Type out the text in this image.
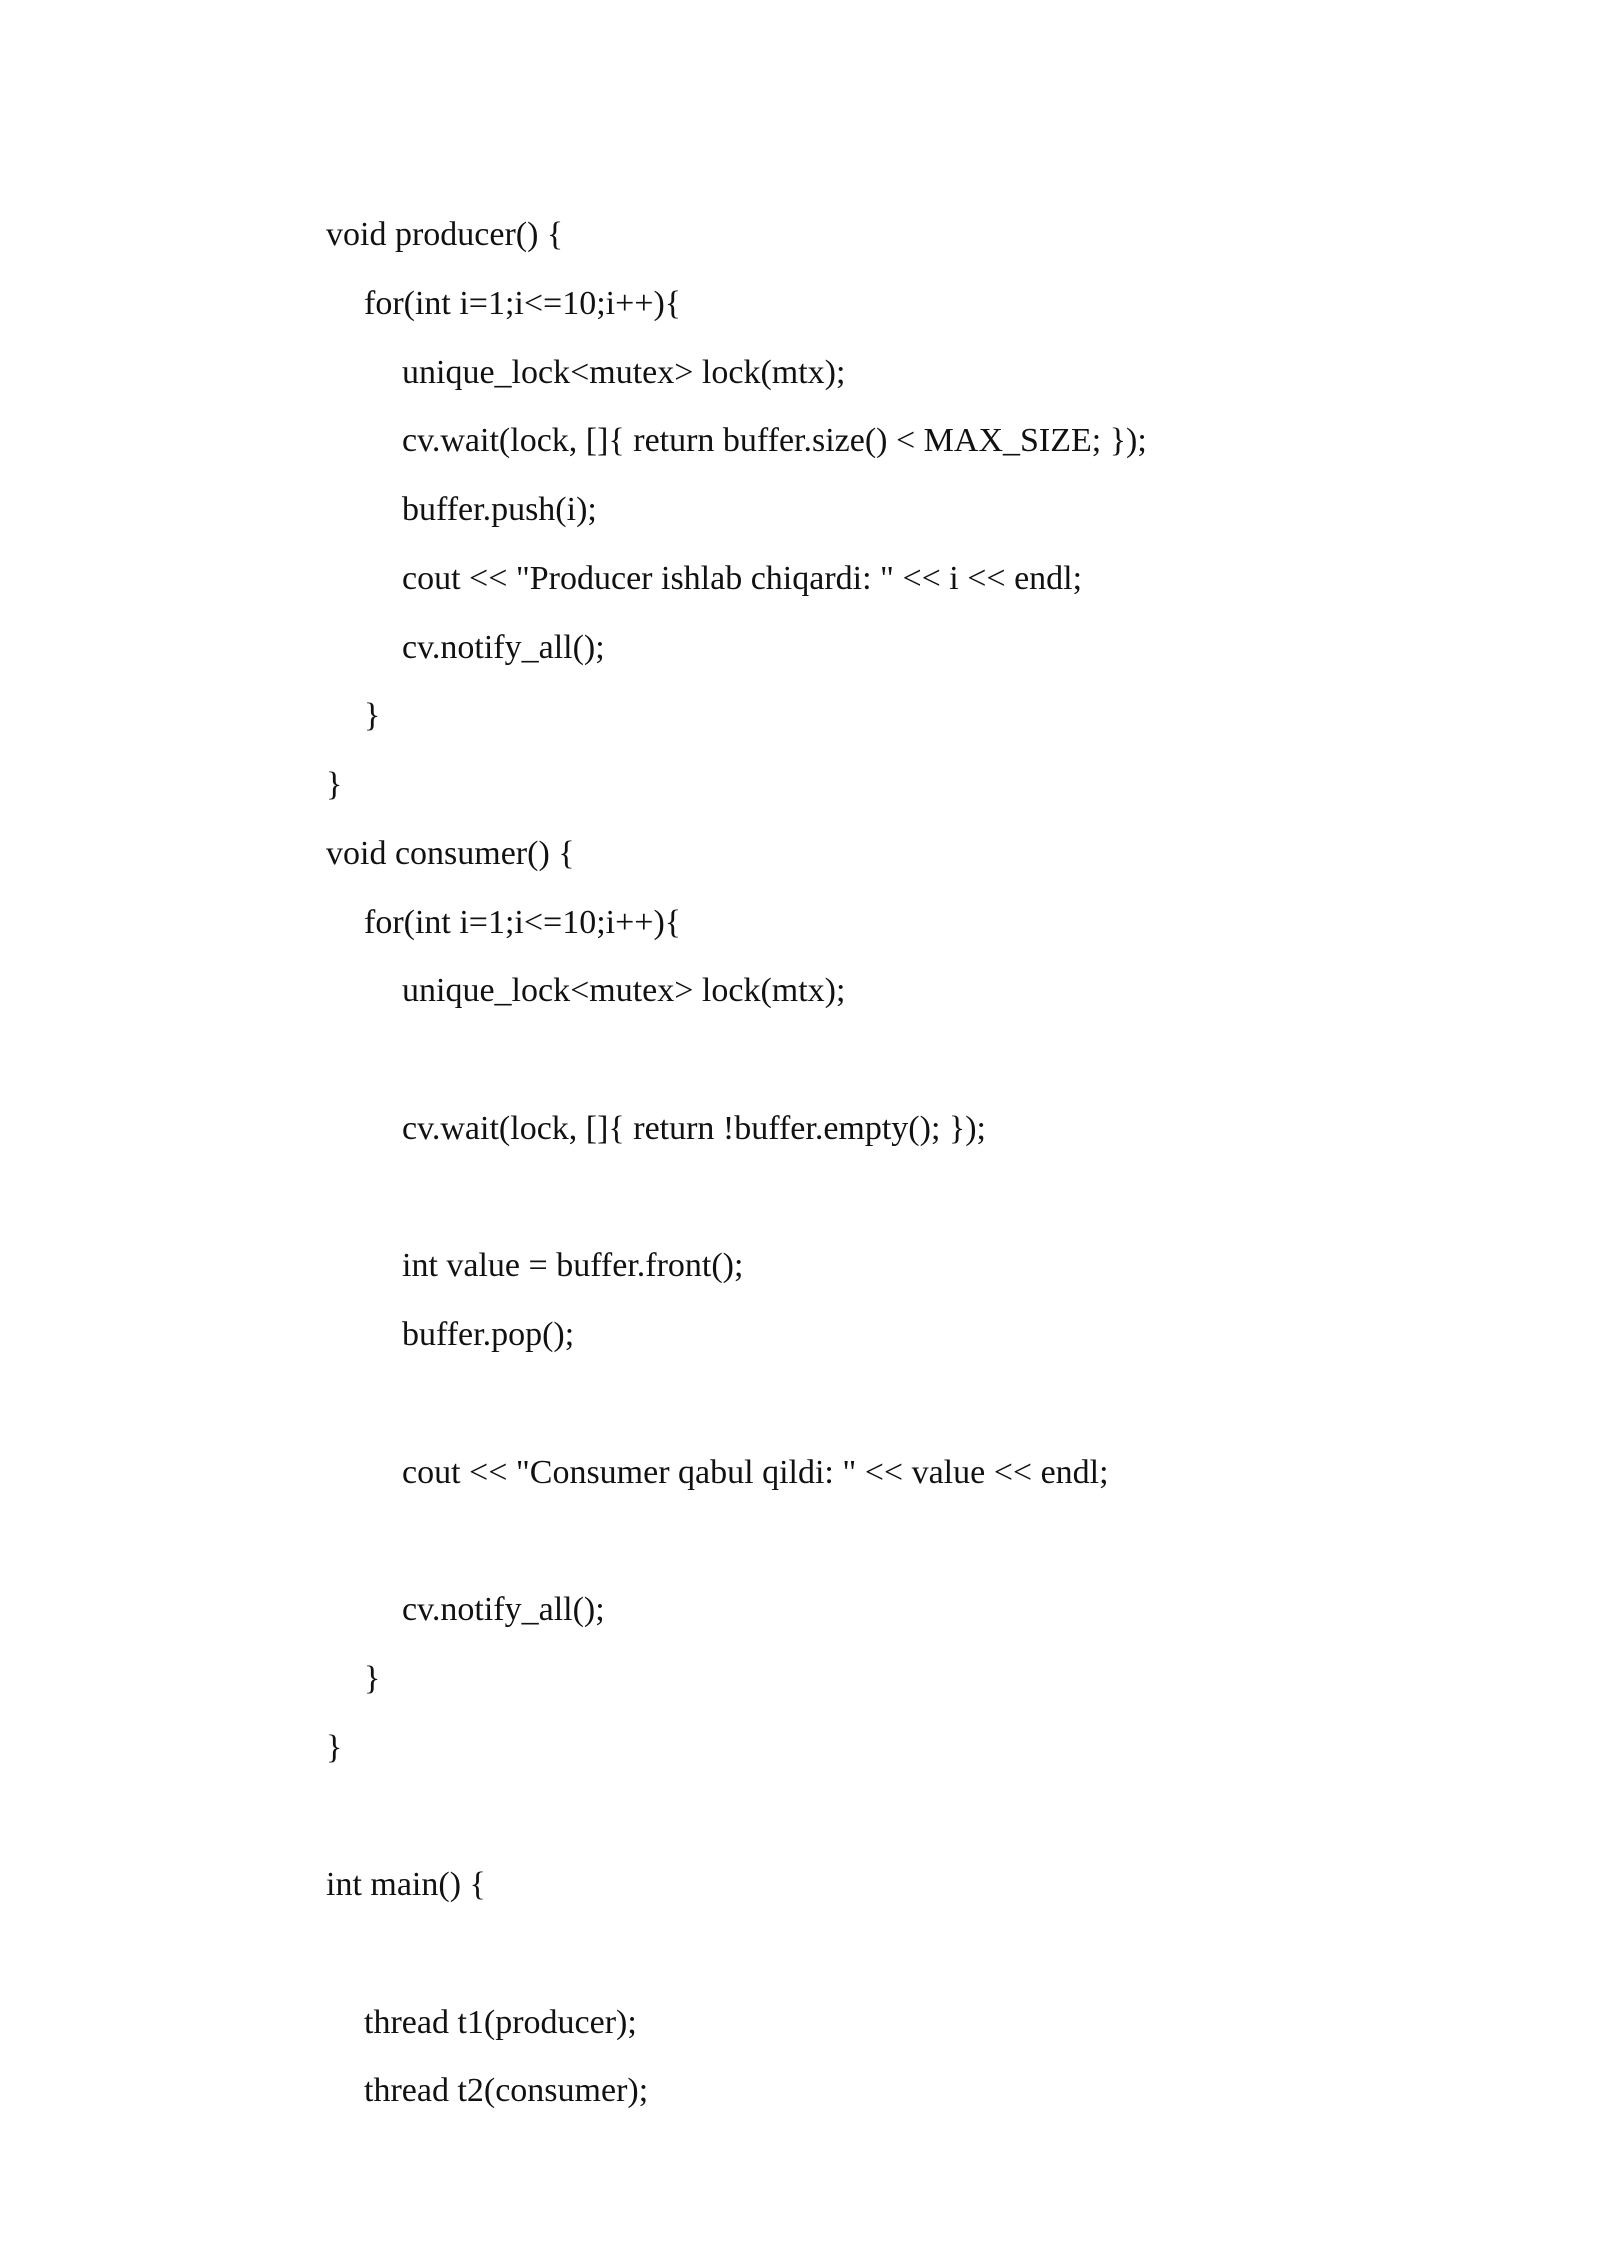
void producer() {
for(int i=1;i<=10;i++){
unique_lock<mutex> lock(mtx);
cv.wait(lock, []{ return buffer.size() < MAX_SIZE; });
buffer.push(i);
cout << "Producer ishlab chiqardi: " << i << endl;
cv.notify_all();
}
}
void consumer() {
for(int i=1;i<=10;i++){
unique_lock<mutex> lock(mtx);
cv.wait(lock, []{ return !buffer.empty(); });
int value = buffer.front();
buffer.pop();
cout << "Consumer qabul qildi: " << value << endl;
cv.notify_all();
}
}
int main() {
thread t1(producer);
thread t2(consumer);
